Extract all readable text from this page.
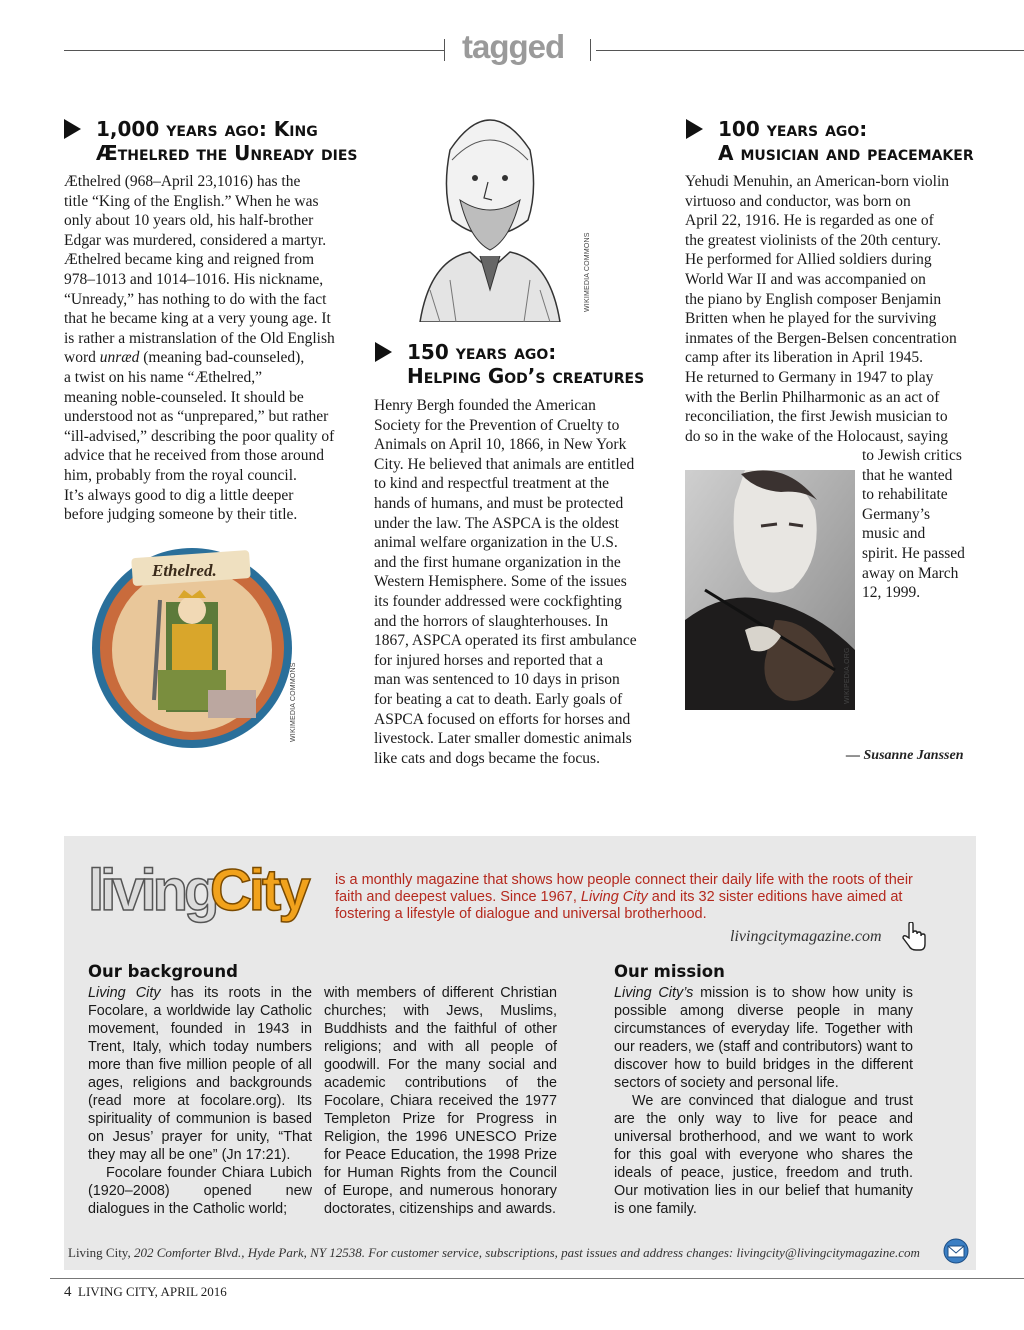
tagged
1,000 years ago: King
Æthelred the Unready dies

Æthelred (968–April 23,1016) has the

title “King of the English.” When he was

only about 10 years old, his half-brother

Edgar was murdered, considered a martyr.

Æthelred became king and reigned from

978–1013 and 1014–1016. His nickname,

“Unready,” has nothing to do with the fact

that he became king at a very young age. It

is rather a mistranslation of the Old English

word unræd (meaning bad-counseled),

a twist on his name “Æthelred,”

meaning noble-counseled. It should be

understood not as “unprepared,” but rather

“ill-advised,” describing the poor quality of

advice that he received from those around

him, probably from the royal council.

It’s always good to dig a little deeper

before judging someone by their title.

Ethelred.
WIKIMEDIA COMMONS
WIKIMEDIA COMMONS
150 years ago:
Helping God’s creatures

Henry Bergh founded the American

Society for the Prevention of Cruelty to

Animals on April 10, 1866, in New York

City. He believed that animals are entitled

to kind and respectful treatment at the

hands of humans, and must be protected

under the law. The ASPCA is the oldest

animal welfare organization in the U.S.

and the first humane organization in the

Western Hemisphere. Some of the issues

its founder addressed were cockfighting

and the horrors of slaughterhouses. In

1867, ASPCA operated its first ambulance

for injured horses and reported that a

man was sentenced to 10 days in prison

for beating a cat to death. Early goals of

ASPCA focused on efforts for horses and

livestock. Later smaller domestic animals

like cats and dogs became the focus.

100 years ago:
A musician and peacemaker

Yehudi Menuhin, an American-born violin

virtuoso and conductor, was born on

April 22, 1916. He is regarded as one of

the greatest violinists of the 20th century.

He performed for Allied soldiers during

World War II and was accompanied on

the piano by English composer Benjamin

Britten when he played for the surviving

inmates of the Bergen-Belsen concentration

camp after its liberation in April 1945.

He returned to Germany in 1947 to play

with the Berlin Philharmonic as an act of

reconciliation, the first Jewish musician to

do so in the wake of the Holocaust, saying

to Jewish critics

that he wanted

to rehabilitate

Germany’s

music and

spirit. He passed

away on March

12, 1999.

WIKIPEDIA.ORG
— Susanne Janssen
living
City is a monthly magazine that shows how people connect their daily life with the roots of their faith and deepest values. Since 1967, Living City and its 32 sister editions have aimed at fostering a lifestyle of dialogue and universal brotherhood.
livingcitymagazine.com
Our background

Living City has its roots in the Focolare, a worldwide lay Catholic movement, founded in 1943 in Trent, Italy, which today numbers more than five million people of all ages, religions and backgrounds (read more at focolare.org). Its spirituality of communion is based on Jesus’ prayer for unity, “That they may all be one” (Jn 17:21).

Focolare founder Chiara Lubich (1920–2008) opened new dialogues in the Catholic world;

with members of different Christian churches; with Jews, Muslims, Buddhists and the faithful of other religions; and with all people of goodwill. For the many social and academic contributions of the Focolare, Chiara received the 1977 Templeton Prize for Progress in Religion, the 1996 UNESCO Prize for Peace Education, the 1998 Prize for Human Rights from the Council of Europe, and numerous honorary doctorates, citizenships and awards.

Our mission

Living City’s mission is to show how unity is possible among diverse people in many circumstances of everyday life. Together with our readers, we (staff and contributors) want to discover how to build bridges in the different sectors of society and personal life.

We are convinced that dialogue and trust are the only way to live for peace and universal brotherhood, and we want to work for this goal with everyone who shares the ideals of peace, justice, freedom and truth. Our motivation lies in our belief that humanity is one family.

Living City, 202 Comforter Blvd., Hyde Park, NY 12538. For customer service, subscriptions, past issues and address changes: livingcity@livingcitymagazine.com
4 LIVING CITY, APRIL 2016
